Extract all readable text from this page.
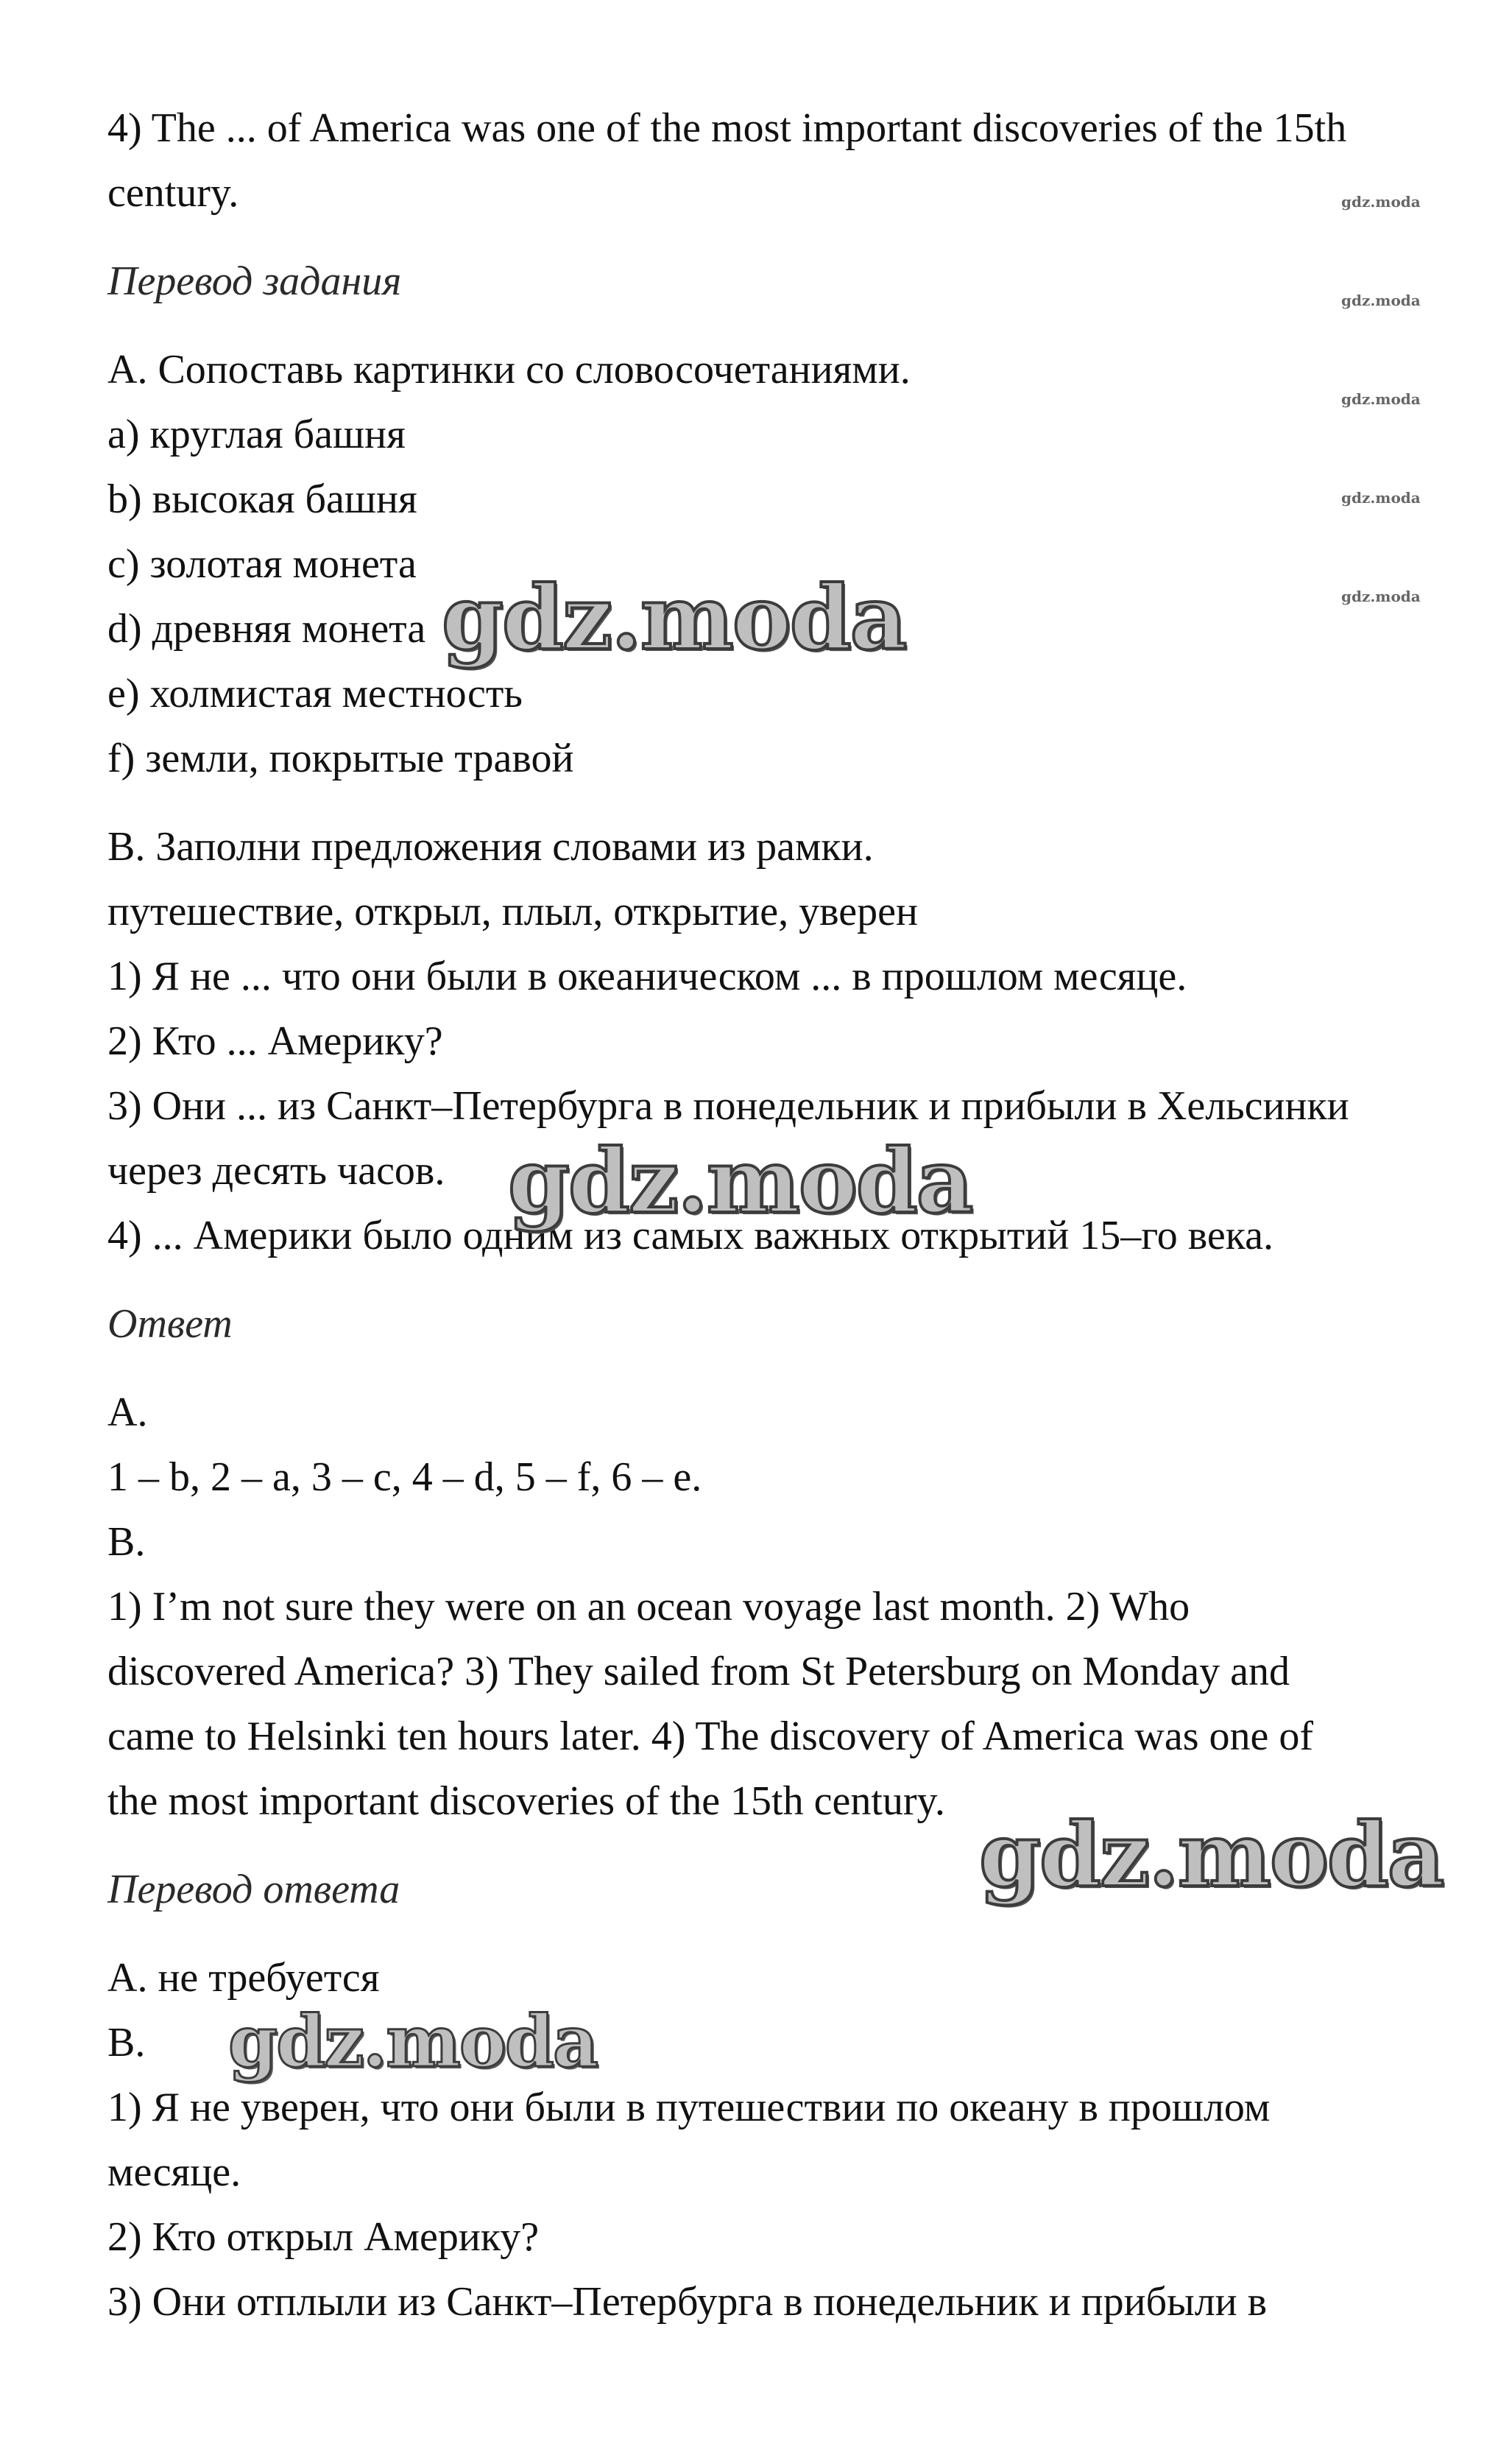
4) The ... of America was one of the most important discoveries of the 15th

century.

Перевод задания

A. Сопоставь картинки со словосочетаниями.

a) круглая башня

b) высокая башня

c) золотая монета

d) древняя монета

e) холмистая местность

f) земли, покрытые травой

B. Заполни предложения словами из рамки.

путешествие, открыл, плыл, открытие, уверен

1) Я не ... что они были в океаническом ... в прошлом месяце.

2) Кто ... Америку?

3) Они ... из Санкт–Петербурга в понедельник и прибыли в Хельсинки

через десять часов.

4) ... Америки было одним из самых важных открытий 15–го века.

Ответ

A.

1 – b, 2 – a, 3 – c, 4 – d, 5 – f, 6 – e.

B.

1) I’m not sure they were on an ocean voyage last month. 2) Who

discovered America? 3) They sailed from St Petersburg on Monday and

came to Helsinki ten hours later. 4) The discovery of America was one of

the most important discoveries of the 15th century.

Перевод ответа

A. не требуется

B.

1) Я не уверен, что они были в путешествии по океану в прошлом

месяце.

2) Кто открыл Америку?

3) Они отплыли из Санкт–Петербурга в понедельник и прибыли в

gdz.moda
gdz.moda
gdz.moda
gdz.moda
gdz.moda
gdz.moda
gdz.moda
gdz.moda
gdz.moda
